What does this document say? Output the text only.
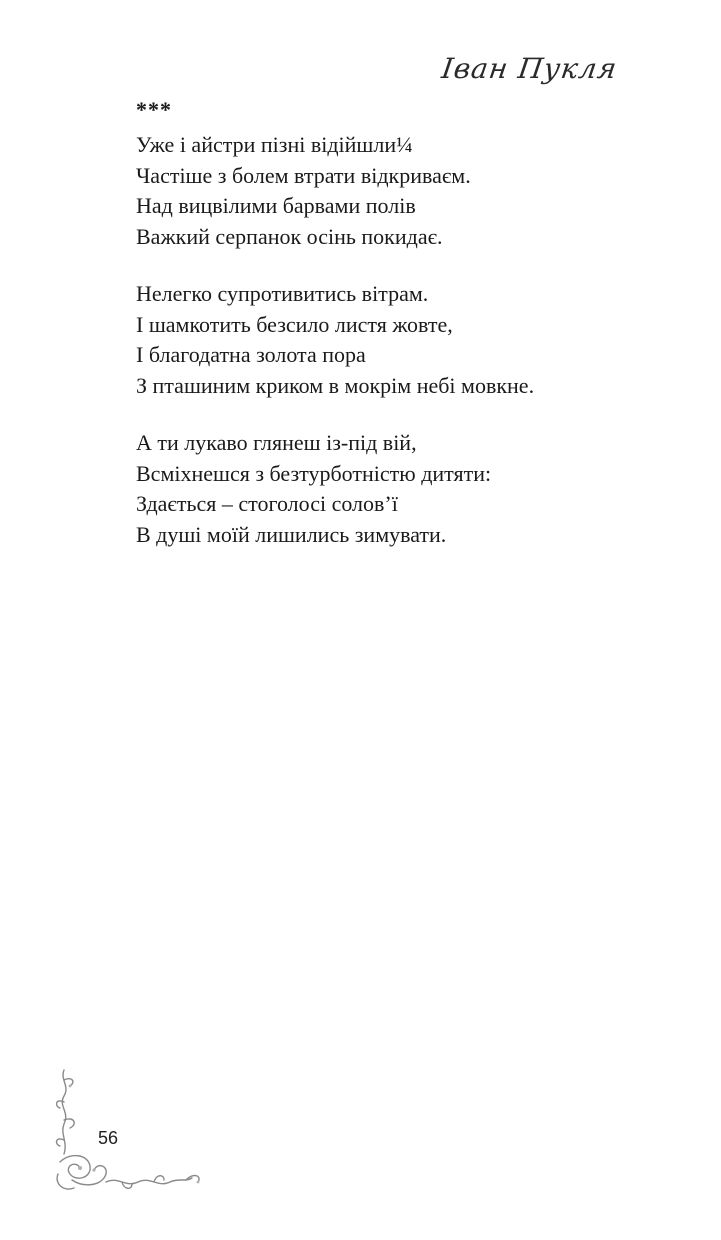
Іван Пукля
***
Уже і айстри пізні відійшли¼
Частіше з болем втрати відкриваєм.
Над вицвілими барвами полів
Важкий серпанок осінь покидає.
Нелегко супротивитись вітрам.
І шамкотить безсило листя жовте,
І благодатна золота пора
З пташиним криком в мокрім небі мовкне.
А ти лукаво глянеш із-під вій,
Всміхнешся з безтурботністю дитяти:
Здається – стоголосі солов’ї
В душі моїй лишились зимувати.
56
